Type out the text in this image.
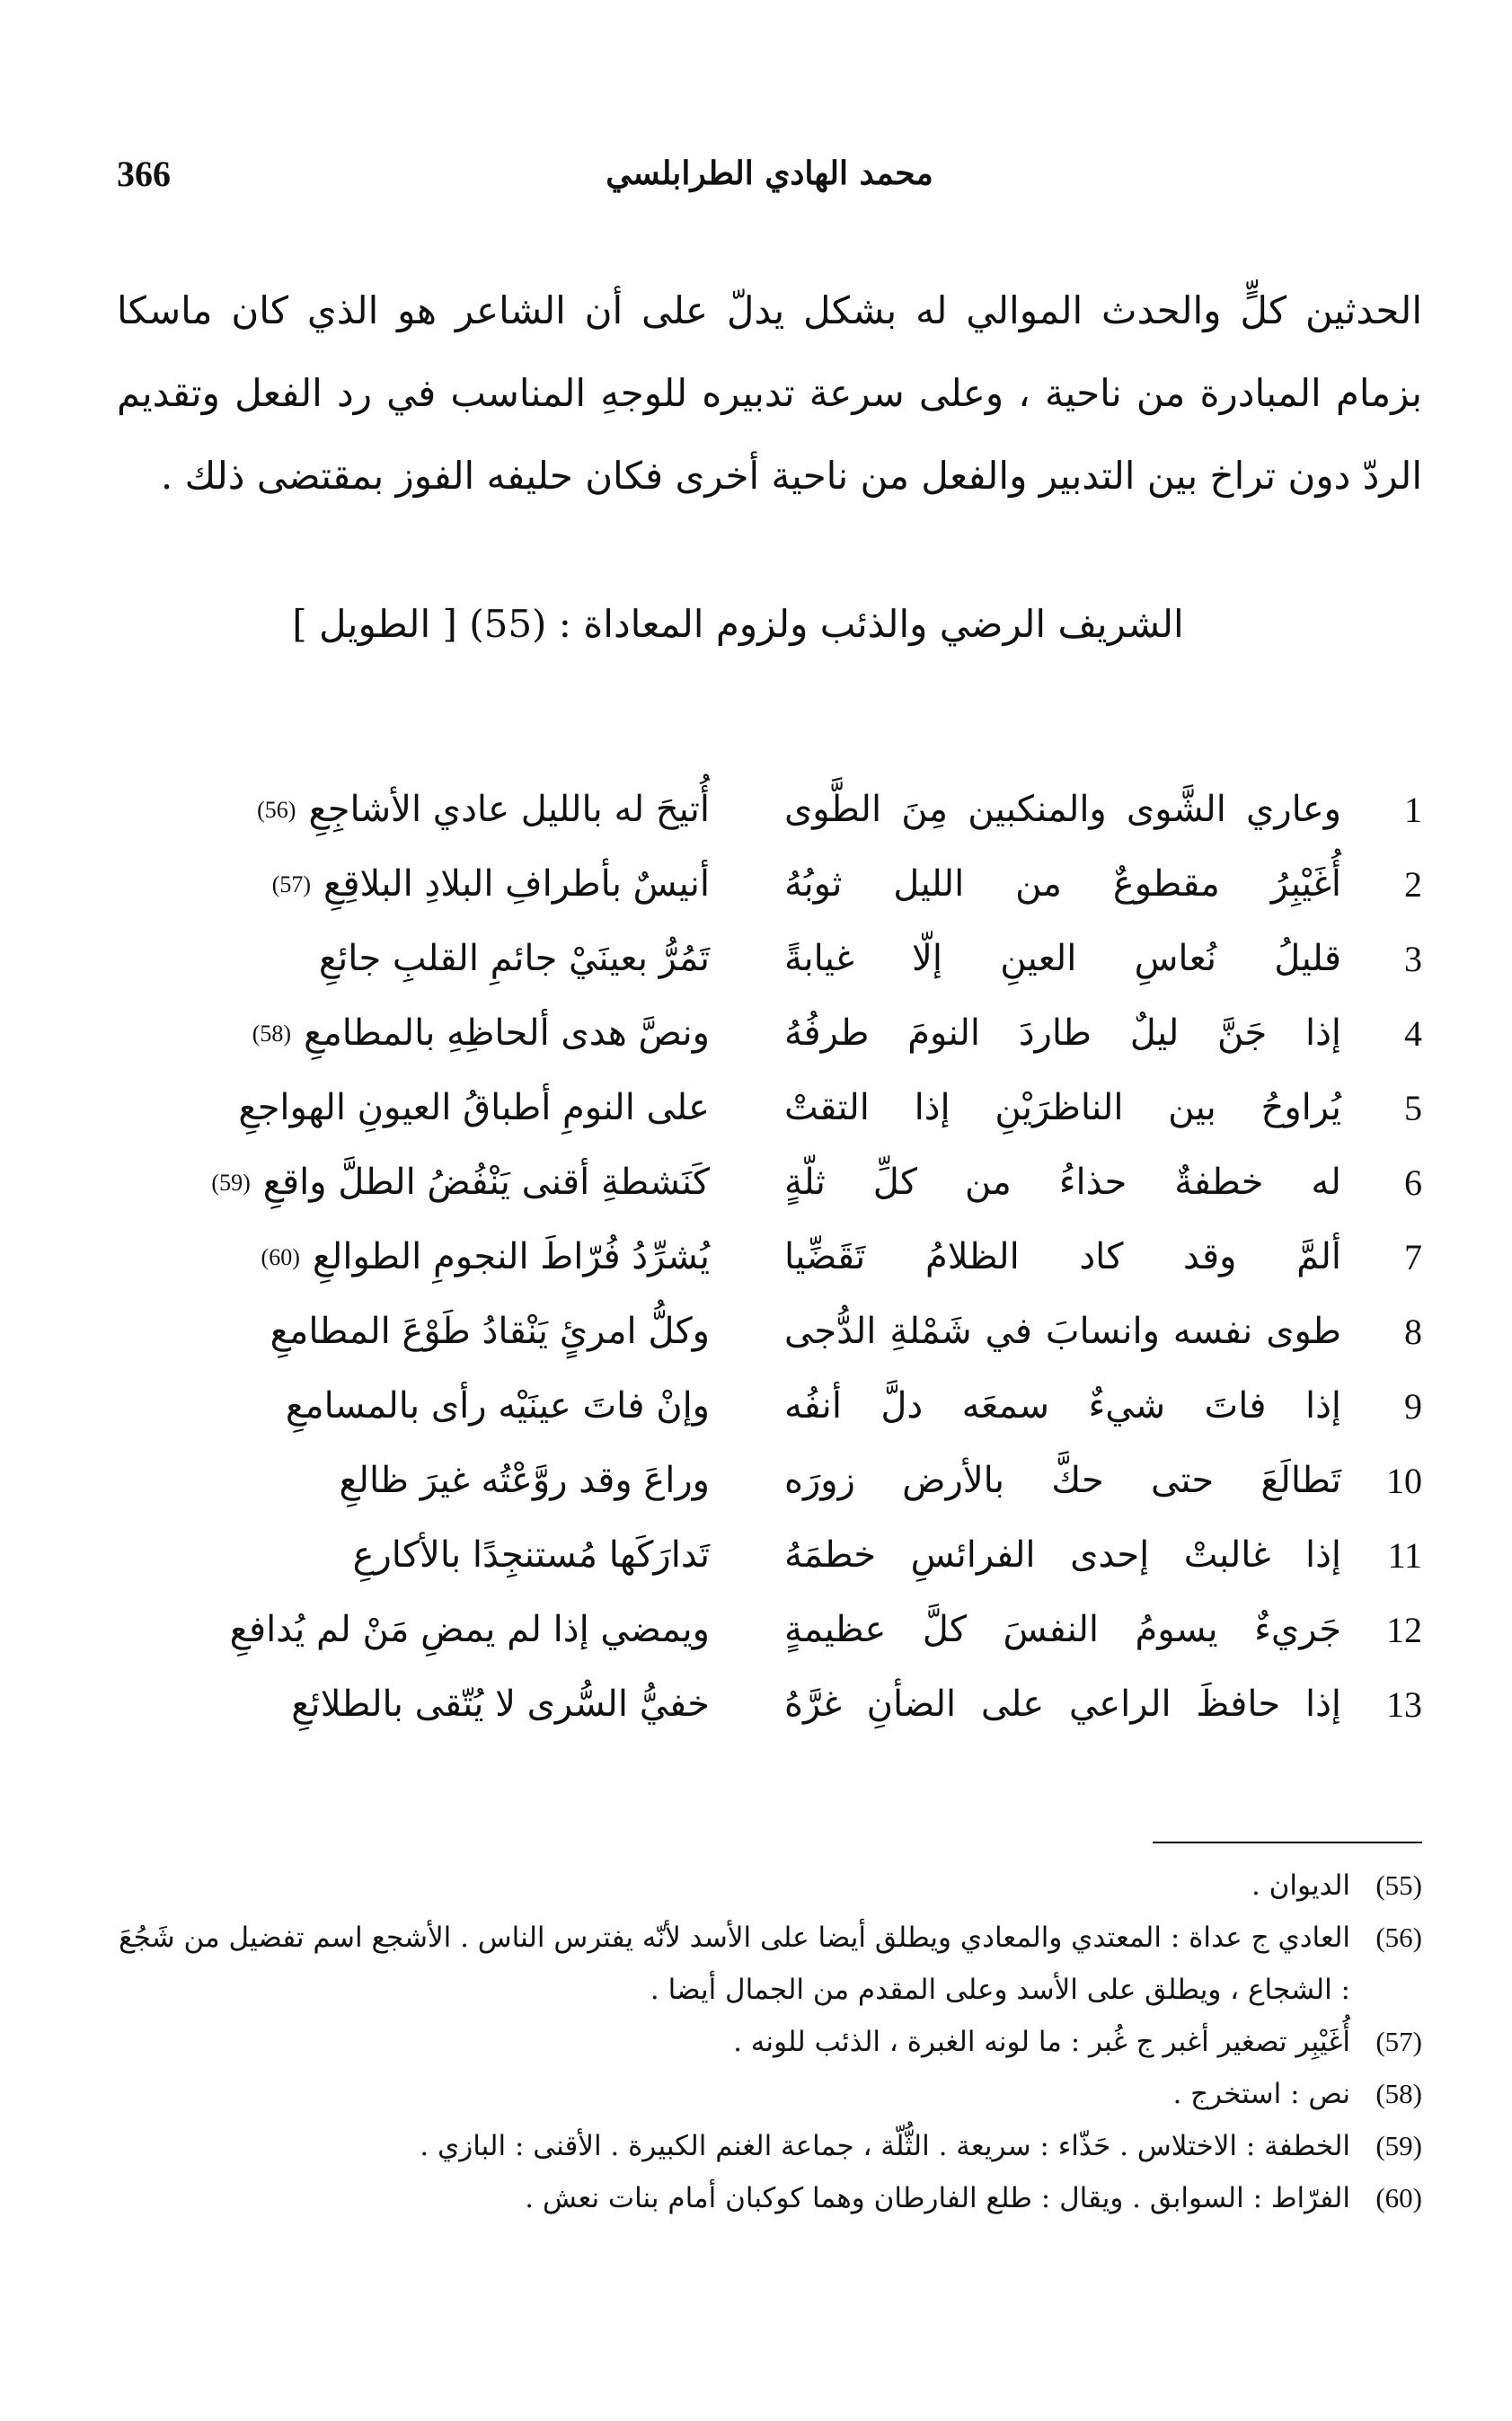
366	محمد الهادي الطرابلسي

الحدثين كلٍّ والحدث الموالي له بشكل يدلّ على أن الشاعر هو الذي كان ماسكا بزمام المبادرة من ناحية ، وعلى سرعة تدبيره للوجهِ المناسب في رد الفعل وتقديم الردّ دون تراخ بين التدبير والفعل من ناحية أخرى فكان حليفه الفوز بمقتضى ذلك .

الشريف الرضي والذئب ولزوم المعاداة : (55) [ الطويل ]
1
وعاري الشَّوى والمنكبين مِنَ الطَّوى
أُتيحَ له بالليل عادي الأشاجِعِ(56)
2
أُغَيْبِرُ مقطوعٌ من الليل ثوبُهُ
أنيسٌ بأطرافِ البلادِ البلاقِعِ(57)
3
قليلُ نُعاسِ العينِ إلّا غيابةً
تَمُرُّ بعينَيْ جائمِ القلبِ جائعِ
4
إذا جَنَّ ليلٌ طاردَ النومَ طرفُهُ
ونصَّ هدى ألحاظِهِ بالمطامعِ(58)
5
يُراوحُ بين الناظرَيْنِ إذا التقتْ
على النومِ أطباقُ العيونِ الهواجعِ
6
له خطفةٌ حذاءُ من كلِّ ثلّةٍ
كَنَشطةِ أقنى يَنْفُضُ الطلَّ واقعِ(59)
7
ألمَّ وقد كاد الظلامُ تَقَضِّيا
يُشرِّدُ فُرّاطَ النجومِ الطوالعِ(60)
8
طوى نفسه وانسابَ في شَمْلةِ الدُّجى
وكلُّ امرئٍ يَنْقادُ طَوْعَ المطامعِ
9
إذا فاتَ شيءٌ سمعَه دلَّ أنفُه
وإنْ فاتَ عينَيْه رأى بالمسامعِ
10
تَطالَعَ حتى حكَّ بالأرض زورَه
وراعَ وقد روَّعْتُه غيرَ ظالعِ
11
إذا غالبتْ إحدى الفرائسِ خطمَهُ
تَدارَكَها مُستنجِدًا بالأكارعِ
12
جَريءٌ يسومُ النفسَ كلَّ عظيمةٍ
ويمضي إذا لم يمضِ مَنْ لم يُدافعِ
13
إذا حافظَ الراعي على الضأنِ غرَّهُ
خفيُّ السُّرى لا يُتّقى بالطلائعِ
(55)
الديوان .
(56)
العادي ج عداة : المعتدي والمعادي ويطلق أيضا على الأسد لأنّه يفترس الناس . الأشجع اسم تفضيل من شَجُعَ : الشجاع ، ويطلق على الأسد وعلى المقدم من الجمال أيضا .
(57)
أُغَيْبِر تصغير أغبر ج غُبر : ما لونه الغبرة ، الذئب للونه .
(58)
نص : استخرج .
(59)
الخطفة : الاختلاس . حَذّاء : سريعة . الثُّلّة ، جماعة الغنم الكبيرة . الأقنى : البازي .
(60)
الفرّاط : السوابق . ويقال : طلع الفارطان وهما كوكبان أمام بنات نعش .
